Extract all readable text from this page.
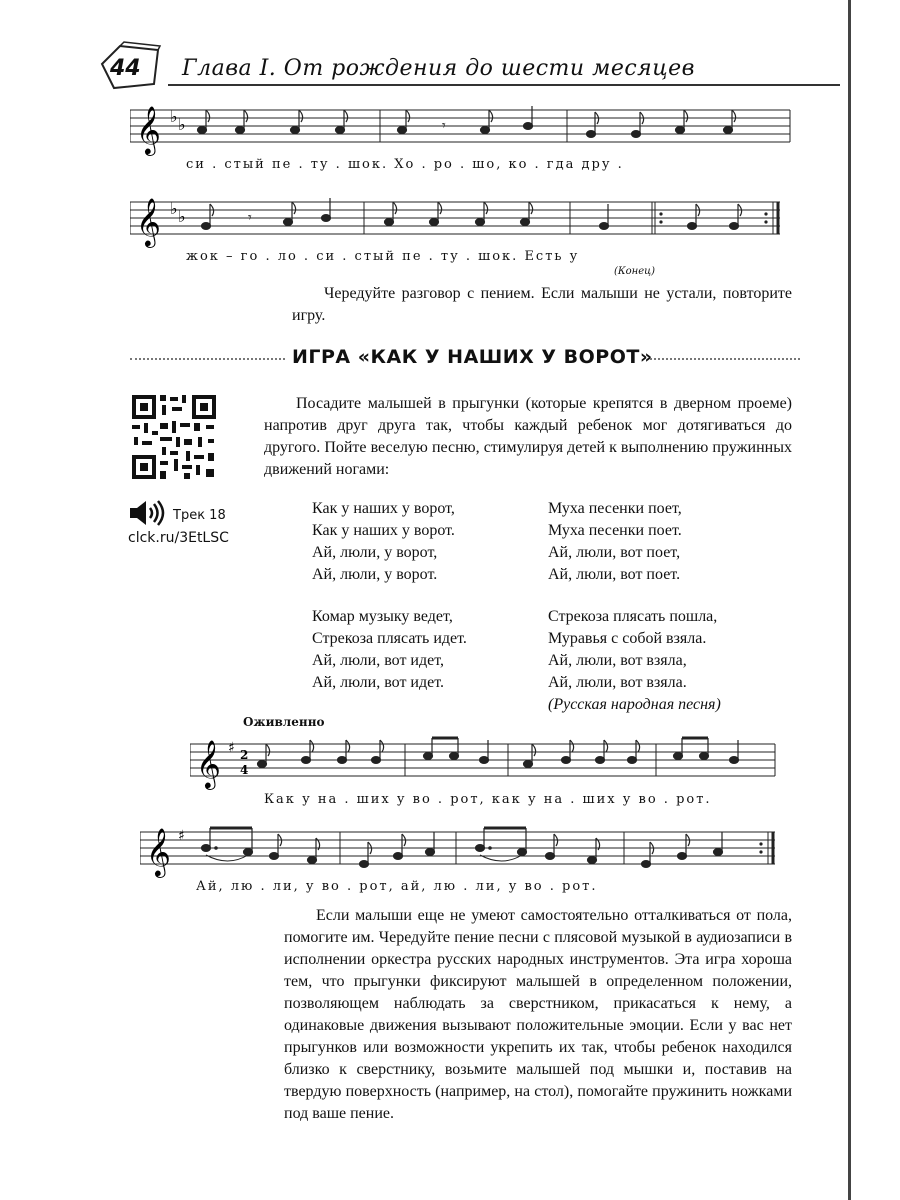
44 Глава I. От рождения до шести месяцев
𝄞 ♭ ♭	𝄾
си . стый пе . ту . шок. Хо . ро . шо, ко . гда дру .
𝄞 ♭ ♭	𝄾
жок – го . ло . си . стый пе . ту . шок. Есть у
(Конец)

Чередуйте разговор с пением. Если малыши не устали, повторите игру.

ИГРА «КАК У НАШИХ У ВОРОТ»
Трек 18
clck.ru/3EtLSC

Посадите малышей в прыгунки (которые крепятся в дверном проеме) напротив друг друга так, чтобы каждый ребенок мог дотягиваться до другого. Пойте веселую песню, стимулируя детей к выполнению пружинных движений ногами:

Как у наших у ворот,
Как у наших у ворот.
Ай, люли, у ворот,
Ай, люли, у ворот.
Муха песенки поет,
Муха песенки поет.
Ай, люли, вот поет,
Ай, люли, вот поет.
Комар музыку ведет,
Стрекоза плясать идет.
Ай, люли, вот идет,
Ай, люли, вот идет.
Стрекоза плясать пошла,
Муравья с собой взяла.
Ай, люли, вот взяла,
Ай, люли, вот взяла.
(Русская народная песня)
Оживленно
𝄞 ♯ 2
4
Как у на . ших у во . рот, как у на . ших у во . рот.
𝄞 ♯
Ай, лю . ли, у во . рот, ай, лю . ли, у во . рот.

Если малыши еще не умеют самостоятельно отталкиваться от пола, помогите им. Чередуйте пение песни с плясовой музыкой в аудиозаписи в исполнении оркестра русских народных инструментов. Эта игра хороша тем, что прыгунки фиксируют малышей в определенном положении, позволяющем наблюдать за сверстником, прикасаться к нему, а одинаковые движения вызывают положительные эмоции. Если у вас нет прыгунков или возможности укрепить их так, чтобы ребенок находился близко к сверстнику, возьмите малышей под мышки и, поставив на твердую поверхность (например, на стол), помогайте пружинить ножками под ваше пение.
